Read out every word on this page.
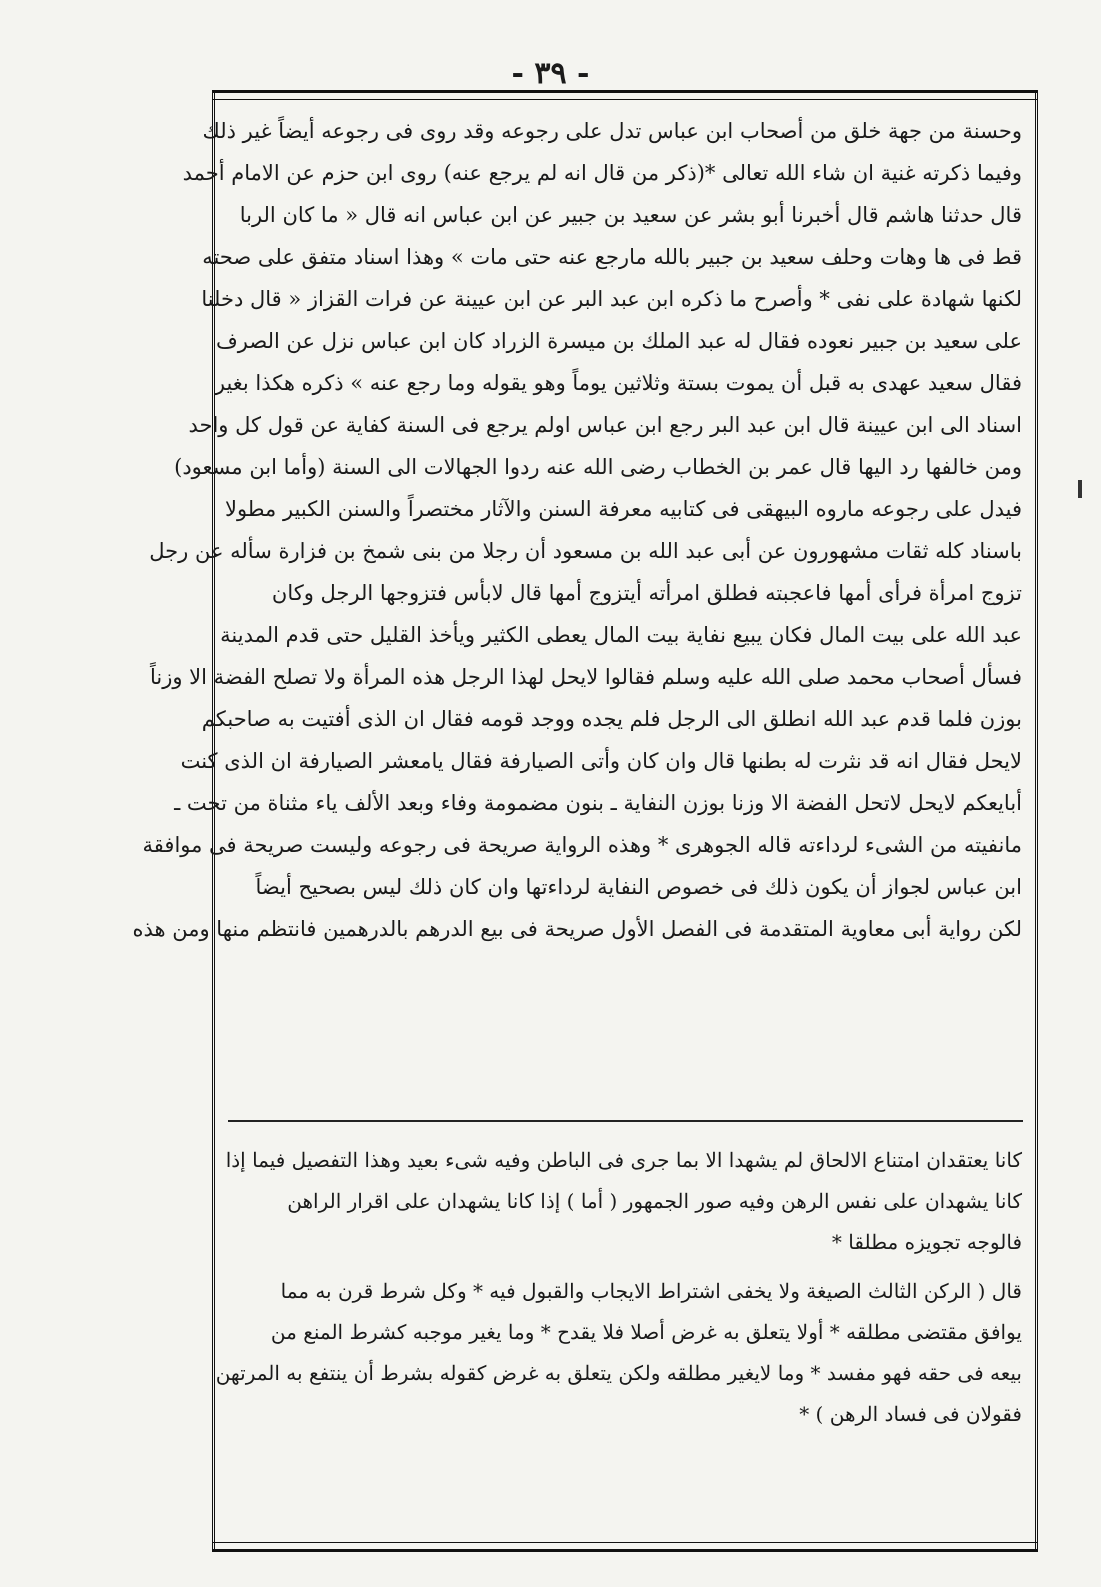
- ٣٩ -
وحسنة من جهة خلق من أصحاب ابن عباس تدل على رجوعه وقد روى فى رجوعه أيضاً غير ذلك
وفيما ذكرته غنية ان شاء الله تعالى *(ذكر من قال انه لم يرجع عنه) روى ابن حزم عن الامام أحمد
قال حدثنا هاشم قال أخبرنا أبو بشر عن سعيد بن جبير عن ابن عباس انه قال « ما كان الربا
قط فى ها وهات وحلف سعيد بن جبير بالله مارجع عنه حتى مات » وهذا اسناد متفق على صحته
لكنها شهادة على نفى * وأصرح ما ذكره ابن عبد البر عن ابن عيينة عن فرات القزاز « قال دخلنا
على سعيد بن جبير نعوده فقال له عبد الملك بن ميسرة الزراد كان ابن عباس نزل عن الصرف
فقال سعيد عهدى به قبل أن يموت بستة وثلاثين يوماً وهو يقوله وما رجع عنه » ذكره هكذا بغير
اسناد الى ابن عيينة قال ابن عبد البر رجع ابن عباس اولم يرجع فى السنة كفاية عن قول كل واحد
ومن خالفها رد اليها قال عمر بن الخطاب رضى الله عنه ردوا الجهالات الى السنة (وأما ابن مسعود)
فيدل على رجوعه ماروه البيهقى فى كتابيه معرفة السنن والآثار مختصراً والسنن الكبير مطولا
باسناد كله ثقات مشهورون عن أبى عبد الله بن مسعود أن رجلا من بنى شمخ بن فزارة سأله عن رجل
تزوج امرأة فرأى أمها فاعجبته فطلق امرأته أيتزوج أمها قال لابأس فتزوجها الرجل وكان
عبد الله على بيت المال فكان يبيع نفاية بيت المال يعطى الكثير ويأخذ القليل حتى قدم المدينة
فسأل أصحاب محمد صلى الله عليه وسلم فقالوا لايحل لهذا الرجل هذه المرأة ولا تصلح الفضة الا وزناً
بوزن فلما قدم عبد الله انطلق الى الرجل فلم يجده ووجد قومه فقال ان الذى أفتيت به صاحبكم
لايحل فقال انه قد نثرت له بطنها قال وان كان وأتى الصيارفة فقال يامعشر الصيارفة ان الذى كنت
أبايعكم لايحل لاتحل الفضة الا وزنا بوزن النفاية ـ بنون مضمومة وفاء وبعد الألف ياء مثناة من تحت ـ
مانفيته من الشىء لرداءته قاله الجوهرى * وهذه الرواية صريحة فى رجوعه وليست صريحة فى موافقة
ابن عباس لجواز أن يكون ذلك فى خصوص النفاية لرداءتها وان كان ذلك ليس بصحيح أيضاً
لكن رواية أبى معاوية المتقدمة فى الفصل الأول صريحة فى بيع الدرهم بالدرهمين فانتظم منها ومن هذه
كانا يعتقدان امتناع الالحاق لم يشهدا الا بما جرى فى الباطن وفيه شىء بعيد وهذا التفصيل فيما إذا
كانا يشهدان على نفس الرهن وفيه صور الجمهور ( أما ) إذا كانا يشهدان على اقرار الراهن
فالوجه تجويزه مطلقا *
قال ( الركن الثالث الصيغة ولا يخفى اشتراط الايجاب والقبول فيه * وكل شرط قرن به مما
يوافق مقتضى مطلقه * أولا يتعلق به غرض أصلا فلا يقدح * وما يغير موجبه كشرط المنع من
بيعه فى حقه فهو مفسد * وما لايغير مطلقه ولكن يتعلق به غرض كقوله بشرط أن ينتفع به المرتهن
فقولان فى فساد الرهن ) *
